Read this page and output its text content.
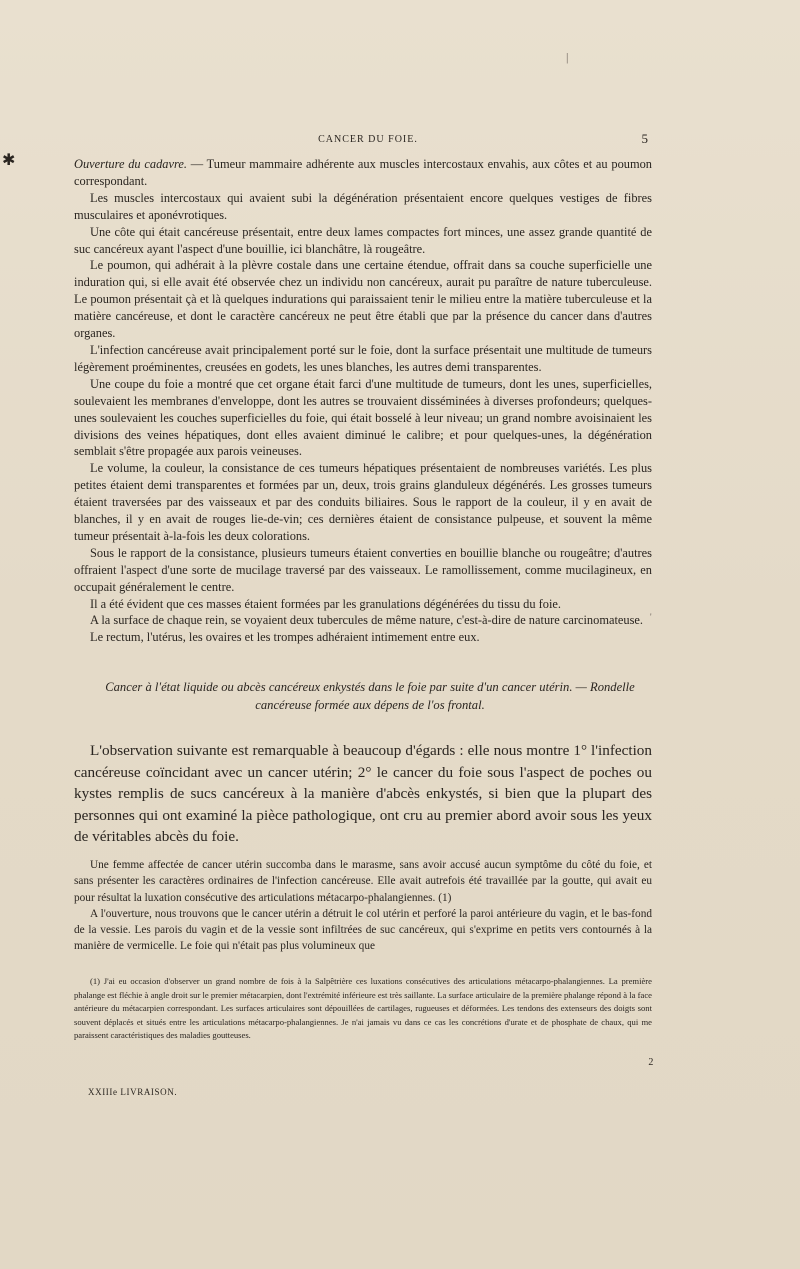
|
✱
CANCER DU FOIE.	5

Ouverture du cadavre. — Tumeur mammaire adhérente aux muscles intercostaux envahis, aux côtes et au poumon correspondant.

Les muscles intercostaux qui avaient subi la dégénération présentaient encore quelques vestiges de fibres musculaires et aponévrotiques.

Une côte qui était cancéreuse présentait, entre deux lames compactes fort minces, une assez grande quantité de suc cancéreux ayant l'aspect d'une bouillie, ici blanchâtre, là rougeâtre.

Le poumon, qui adhérait à la plèvre costale dans une certaine étendue, offrait dans sa couche superficielle une induration qui, si elle avait été observée chez un individu non cancéreux, aurait pu paraître de nature tuberculeuse. Le poumon présentait çà et là quelques indurations qui paraissaient tenir le milieu entre la matière tuberculeuse et la matière cancéreuse, et dont le caractère cancéreux ne peut être établi que par la présence du cancer dans d'autres organes.

L'infection cancéreuse avait principalement porté sur le foie, dont la surface présentait une multitude de tumeurs légèrement proéminentes, creusées en godets, les unes blanches, les autres demi transparentes.

Une coupe du foie a montré que cet organe était farci d'une multitude de tumeurs, dont les unes, superficielles, soulevaient les membranes d'enveloppe, dont les autres se trouvaient disséminées à diverses profondeurs; quelques-unes soulevaient les couches superficielles du foie, qui était bosselé à leur niveau; un grand nombre avoisinaient les divisions des veines hépatiques, dont elles avaient diminué le calibre; et pour quelques-unes, la dégénération semblait s'être propagée aux parois veineuses.

Le volume, la couleur, la consistance de ces tumeurs hépatiques présentaient de nombreuses variétés. Les plus petites étaient demi transparentes et formées par un, deux, trois grains glanduleux dégénérés. Les grosses tumeurs étaient traversées par des vaisseaux et par des conduits biliaires. Sous le rapport de la couleur, il y en avait de blanches, il y en avait de rouges lie-de-vin; ces dernières étaient de consistance pulpeuse, et souvent la même tumeur présentait à-la-fois les deux colorations.

Sous le rapport de la consistance, plusieurs tumeurs étaient converties en bouillie blanche ou rougeâtre; d'autres offraient l'aspect d'une sorte de mucilage traversé par des vaisseaux. Le ramollissement, comme mucilagineux, en occupait généralement le centre.

Il a été évident que ces masses étaient formées par les granulations dégénérées du tissu du foie.

A la surface de chaque rein, se voyaient deux tubercules de même nature, c'est-à-dire de nature carcinomateuse.

Le rectum, l'utérus, les ovaires et les trompes adhéraient intimement entre eux.

'
Cancer à l'état liquide ou abcès cancéreux enkystés dans le foie par suite d'un cancer utérin. — Rondelle cancéreuse formée aux dépens de l'os frontal.

L'observation suivante est remarquable à beaucoup d'égards : elle nous montre 1° l'infection cancéreuse coïncidant avec un cancer utérin; 2° le cancer du foie sous l'aspect de poches ou kystes remplis de sucs cancéreux à la manière d'abcès enkystés, si bien que la plupart des personnes qui ont examiné la pièce pathologique, ont cru au premier abord avoir sous les yeux de véritables abcès du foie.

Une femme affectée de cancer utérin succomba dans le marasme, sans avoir accusé aucun symptôme du côté du foie, et sans présenter les caractères ordinaires de l'infection cancéreuse. Elle avait autrefois été travaillée par la goutte, qui avait eu pour résultat la luxation consécutive des articulations métacarpo-phalangiennes. (1)

A l'ouverture, nous trouvons que le cancer utérin a détruit le col utérin et perforé la paroi antérieure du vagin, et le bas-fond de la vessie. Les parois du vagin et de la vessie sont infiltrées de suc cancéreux, qui s'exprime en petits vers contournés à la manière de vermicelle. Le foie qui n'était pas plus volumineux que

(1) J'ai eu occasion d'observer un grand nombre de fois à la Salpêtrière ces luxations consécutives des articulations métacarpo-phalangiennes. La première phalange est fléchie à angle droit sur le premier métacarpien, dont l'extrémité inférieure est très saillante. La surface articulaire de la première phalange répond à la face antérieure du métacarpien correspondant. Les surfaces articulaires sont dépouillées de cartilages, rugueuses et déformées. Les tendons des extenseurs des doigts sont souvent déplacés et situés entre les articulations métacarpo-phalangiennes. Je n'ai jamais vu dans ce cas les concrétions d'urate et de phosphate de chaux, qui me paraissent caractéristiques des maladies goutteuses.

XXIIIe LIVRAISON.
2
